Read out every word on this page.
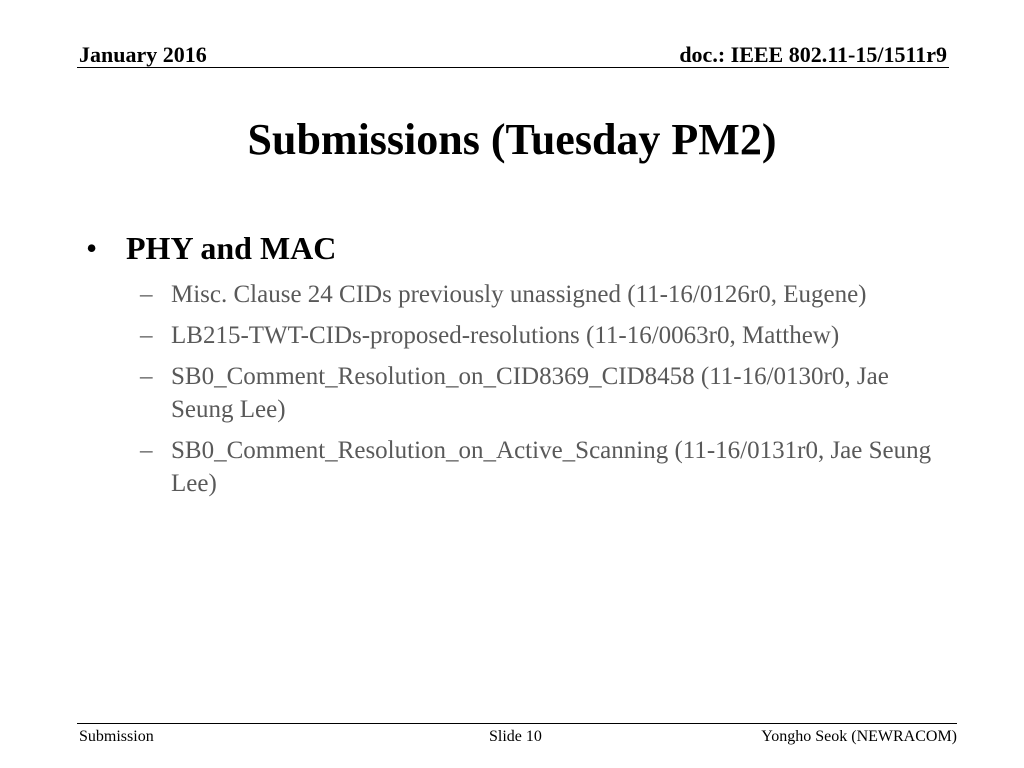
January 2016	doc.: IEEE 802.11-15/1511r9
Submissions (Tuesday PM2)
• PHY and MAC
– Misc. Clause 24 CIDs previously unassigned (11-16/0126r0, Eugene)
– LB215-TWT-CIDs-proposed-resolutions (11-16/0063r0, Matthew)
– SB0_Comment_Resolution_on_CID8369_CID8458 (11-16/0130r0, Jae Seung Lee)
– SB0_Comment_Resolution_on_Active_Scanning (11-16/0131r0, Jae Seung Lee)
Submission	Slide 10	Yongho Seok (NEWRACOM)
